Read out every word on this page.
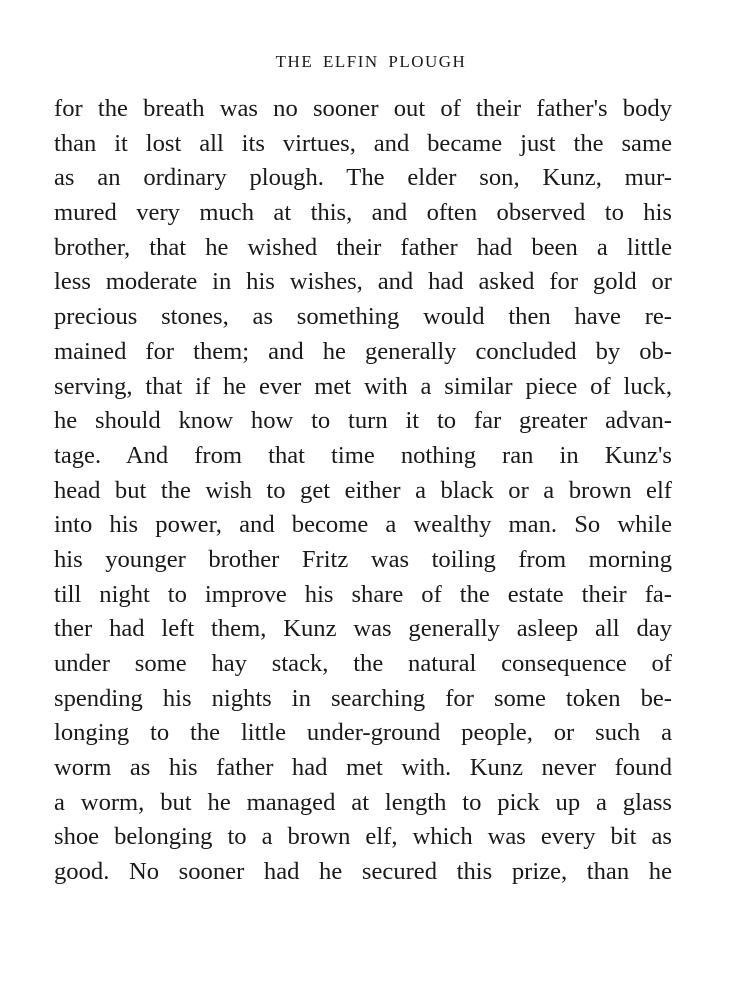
THE ELFIN PLOUGH
for the breath was no sooner out of their father's body
than it lost all its virtues, and became just the same
as an ordinary plough. The elder son, Kunz, mur-
mured very much at this, and often observed to his
brother, that he wished their father had been a little
less moderate in his wishes, and had asked for gold or
precious stones, as something would then have re-
mained for them; and he generally concluded by ob-
serving, that if he ever met with a similar piece of luck,
he should know how to turn it to far greater advan-
tage. And from that time nothing ran in Kunz's
head but the wish to get either a black or a brown elf
into his power, and become a wealthy man. So while
his younger brother Fritz was toiling from morning
till night to improve his share of the estate their fa-
ther had left them, Kunz was generally asleep all day
under some hay stack, the natural consequence of
spending his nights in searching for some token be-
longing to the little under-ground people, or such a
worm as his father had met with. Kunz never found
a worm, but he managed at length to pick up a glass
shoe belonging to a brown elf, which was every bit as
good. No sooner had he secured this prize, than he
